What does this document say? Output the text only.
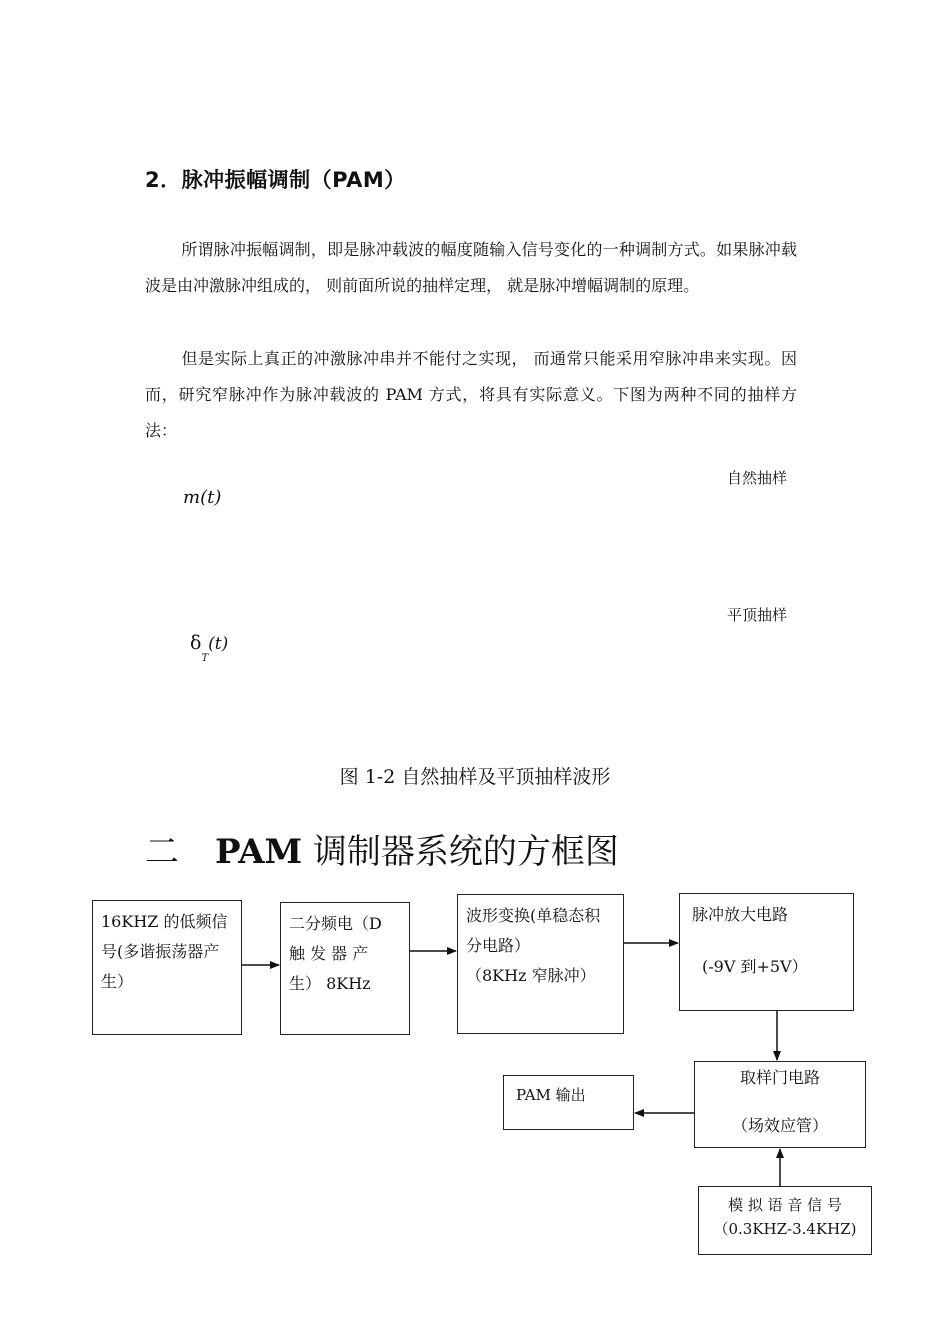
2．脉冲振幅调制（PAM）
所谓脉冲振幅调制，即是脉冲载波的幅度随输入信号变化的一种调制方式。如果脉冲载波是由冲激脉冲组成的， 则前面所说的抽样定理， 就是脉冲增幅调制的原理。
但是实际上真正的冲激脉冲串并不能付之实现， 而通常只能采用窄脉冲串来实现。因而，研究窄脉冲作为脉冲载波的 PAM 方式，将具有实际意义。下图为两种不同的抽样方法：
自然抽样
m(t)
平顶抽样
$\delta_T(t)$
图 1-2 自然抽样及平顶抽样波形
二 PAM 调制器系统的方框图
16KHZ 的低频信号(多谐振荡器产生）
二分频电（D 触 发 器 产 生） 8KHz
波形变换(单稳态积分电路）
（8KHz 窄脉冲）
脉冲放大电路
(-9V 到+5V）
取样门电路
（场效应管）
PAM 输出
模 拟 语 音 信 号
（0.3KHZ-3.4KHZ)
